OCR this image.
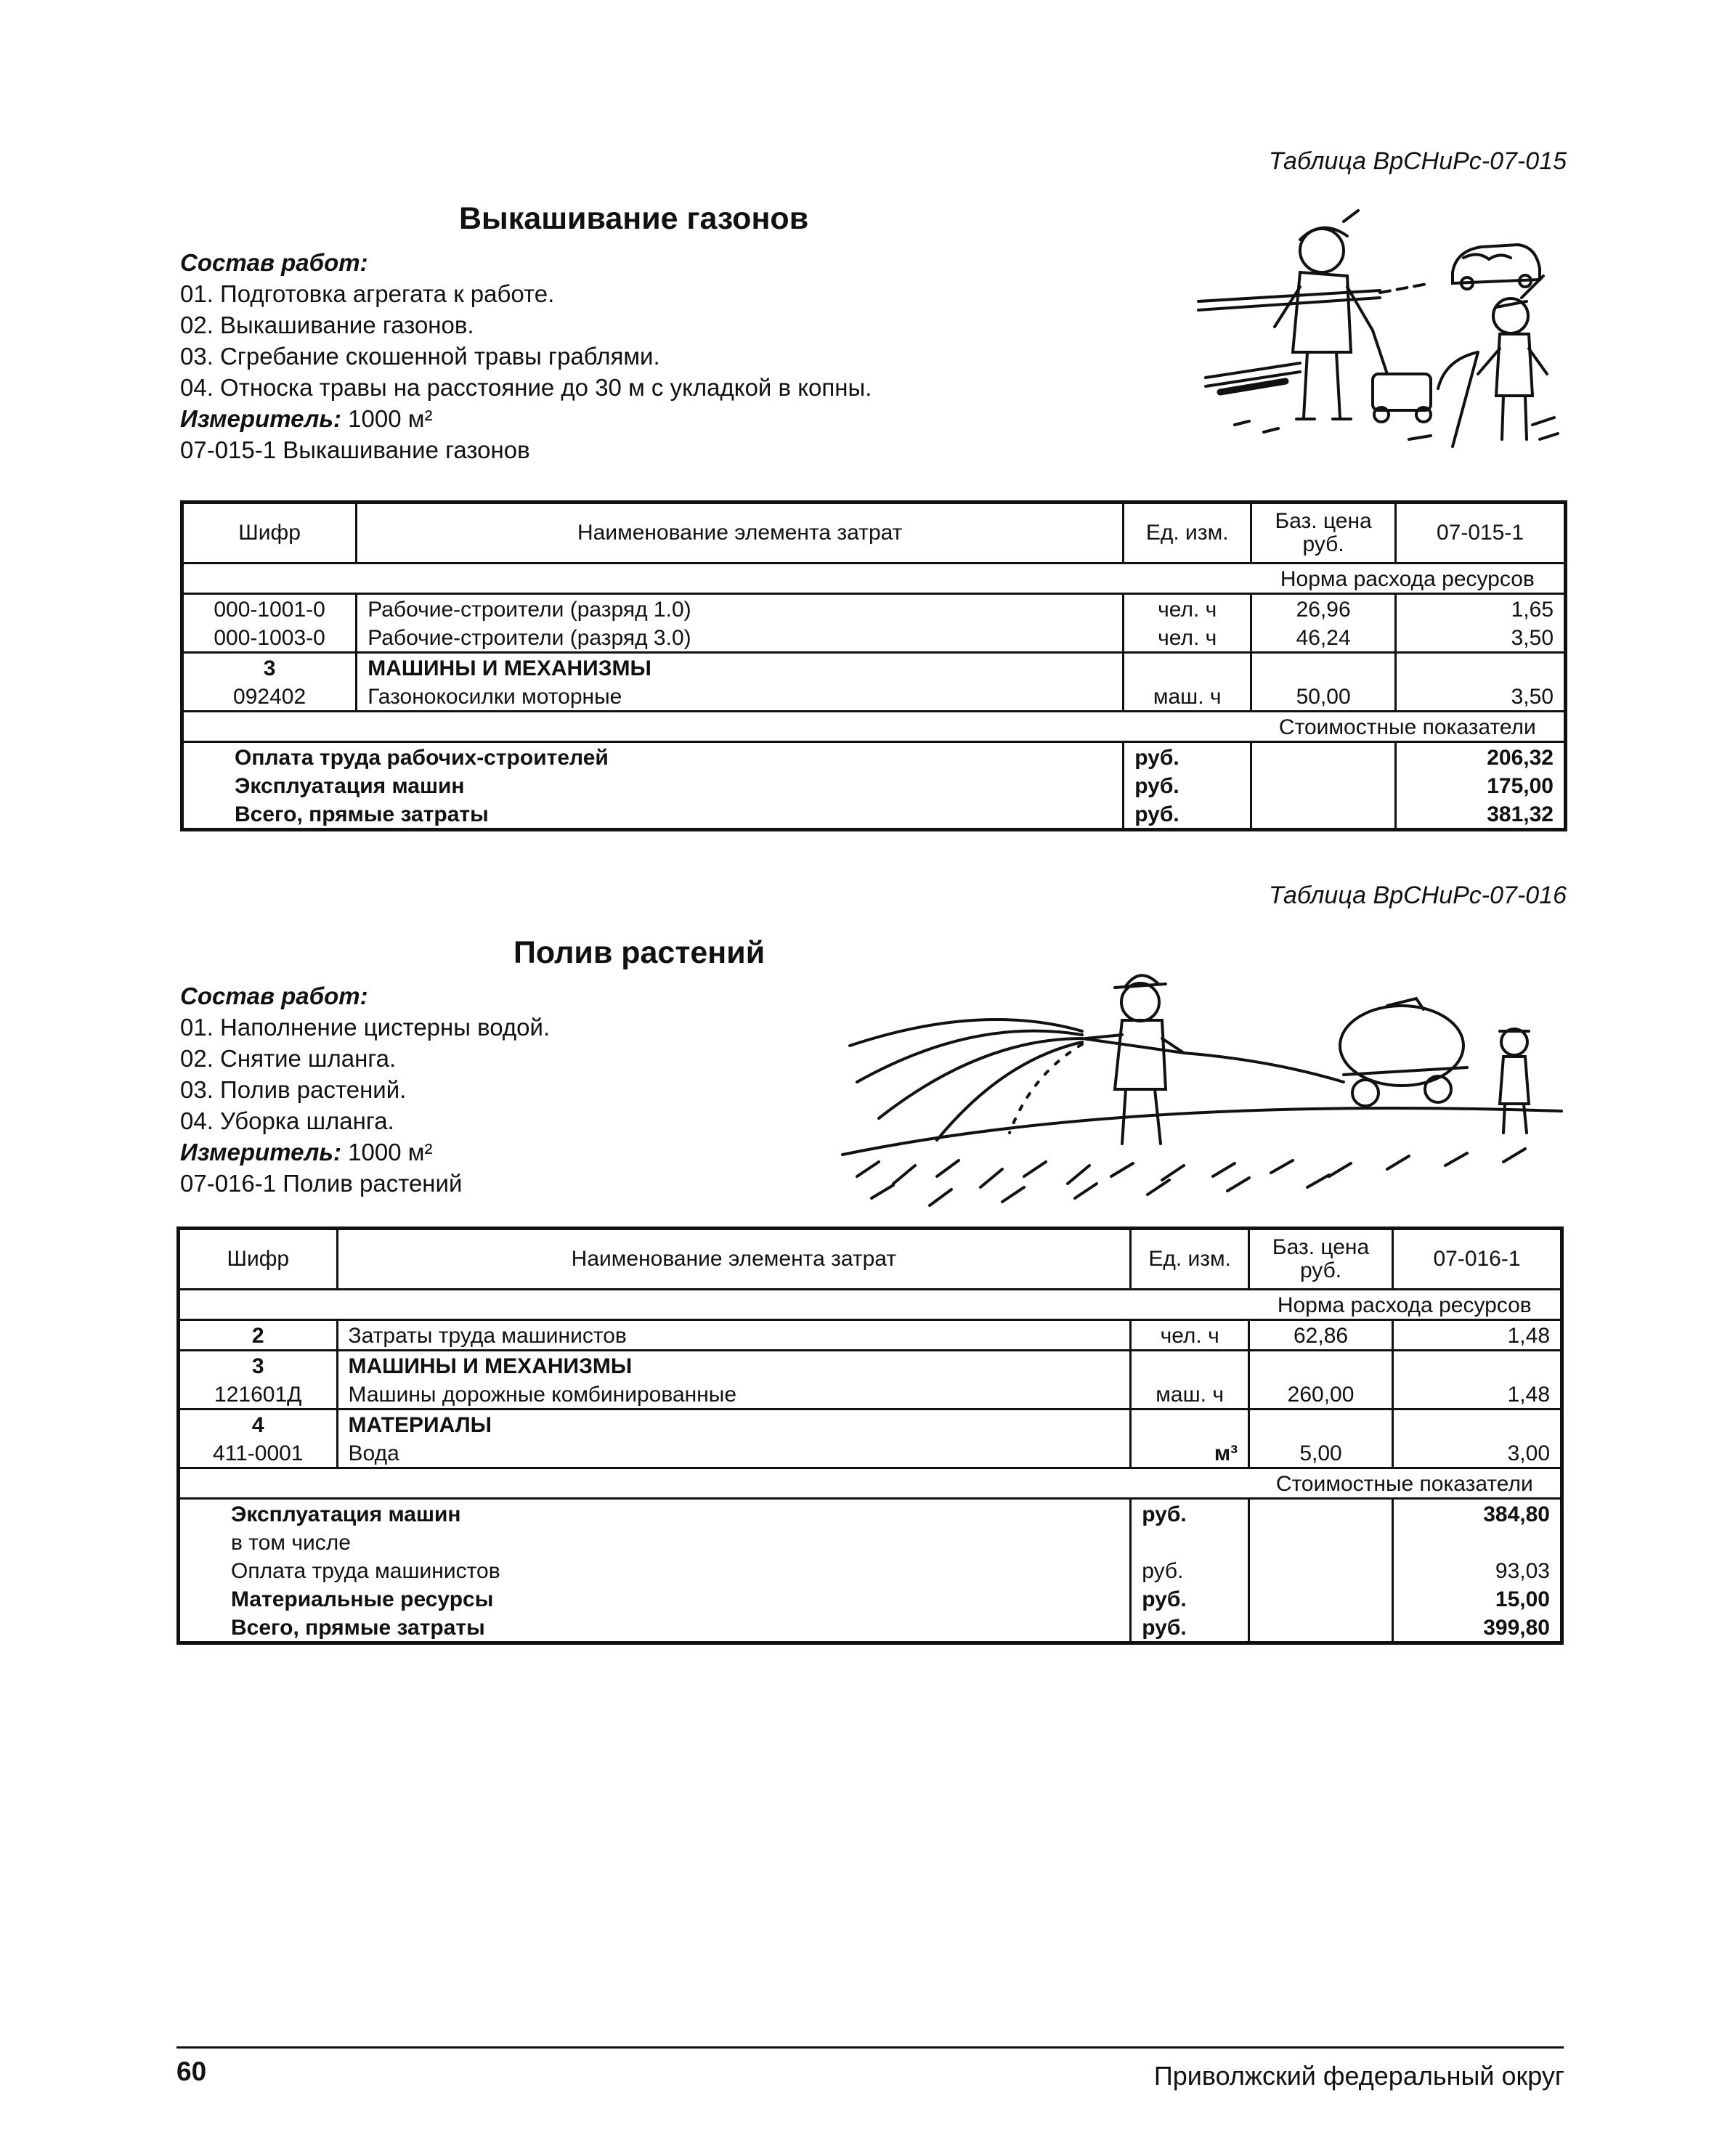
Таблица ВрСНиРс-07-015
Выкашивание газонов
Состав работ:
01. Подготовка агрегата к работе.
02. Выкашивание газонов.
03. Сгребание скошенной травы граблями.
04. Относка травы на расстояние до 30 м с укладкой в копны.
Измеритель: 1000 м²
07-015-1 Выкашивание газонов
Шифр	Наименование элемента затрат	Ед. изм.	Баз. цена руб.	07-015-1
			Норма расхода ресурсов	
000-1001-0	Рабочие-строители (разряд 1.0)	чел. ч	26,96	1,65
000-1003-0	Рабочие-строители (разряд 3.0)	чел. ч	46,24	3,50
3	МАШИНЫ И МЕХАНИЗМЫ			
092402	Газонокосилки моторные	маш. ч	50,00	3,50
			Стоимостные показатели	
Оплата труда рабочих-строителей		руб.		206,32
Эксплуатация машин		руб.		175,00
Всего, прямые затраты		руб.		381,32
Таблица ВрСНиРс-07-016
Полив растений
Состав работ:
01. Наполнение цистерны водой.
02. Снятие шланга.
03. Полив растений.
04. Уборка шланга.
Измеритель: 1000 м²
07-016-1 Полив растений
Шифр	Наименование элемента затрат	Ед. изм.	Баз. цена руб.	07-016-1
			Норма расхода ресурсов	
2	Затраты труда машинистов	чел. ч	62,86	1,48
3	МАШИНЫ И МЕХАНИЗМЫ			
121601Д	Машины дорожные комбинированные	маш. ч	260,00	1,48
4	МАТЕРИАЛЫ			
411-0001	Вода	м³	5,00	3,00
			Стоимостные показатели	
Эксплуатация машин		руб.		384,80
в том числе				
Оплата труда машинистов		руб.		93,03
Материальные ресурсы		руб.		15,00
Всего, прямые затраты		руб.		399,80
60	Приволжский федеральный округ
